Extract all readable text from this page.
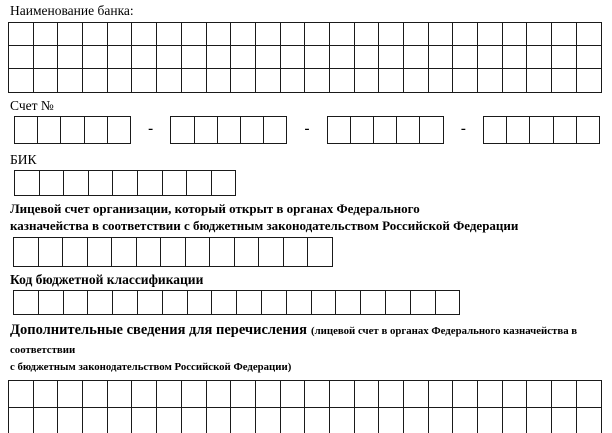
Наименование банка:
Счет №
-	-	-
БИК
Лицевой счет организации, который открыт в органах Федерального
казначейства в соответствии с бюджетным законодательством Российской Федерации
Код бюджетной классификации
Дополнительные сведения для перечисления (лицевой счет в органах Федерального казначейства в соответствии
с бюджетным законодательством Российской Федерации)
